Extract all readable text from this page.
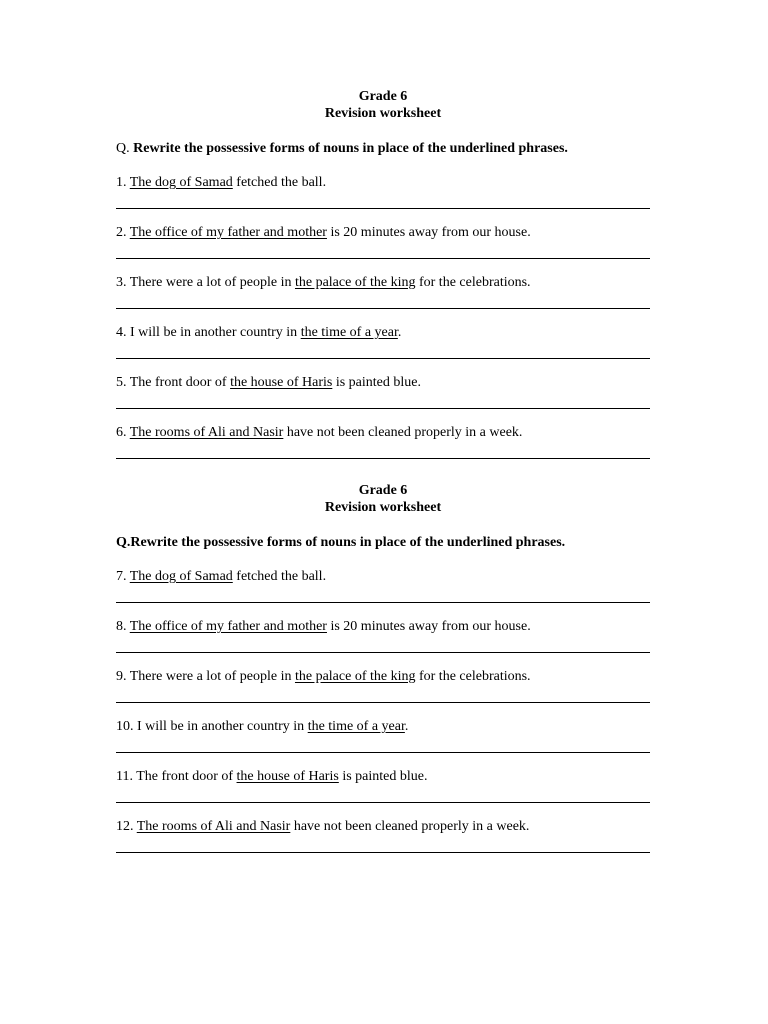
Grade 6
Revision worksheet
Q. Rewrite the possessive forms of nouns in place of the underlined phrases.
1. The dog of Samad fetched the ball.
2. The office of my father and mother is 20 minutes away from our house.
3. There were a lot of people in the palace of the king for the celebrations.
4. I will be in another country in the time of a year.
5. The front door of the house of Haris is painted blue.
6. The rooms of Ali and Nasir have not been cleaned properly in a week.
Grade 6
Revision worksheet
Q.Rewrite the possessive forms of nouns in place of the underlined phrases.
7. The dog of Samad fetched the ball.
8. The office of my father and mother is 20 minutes away from our house.
9. There were a lot of people in the palace of the king for the celebrations.
10. I will be in another country in the time of a year.
11. The front door of the house of Haris is painted blue.
12. The rooms of Ali and Nasir have not been cleaned properly in a week.
